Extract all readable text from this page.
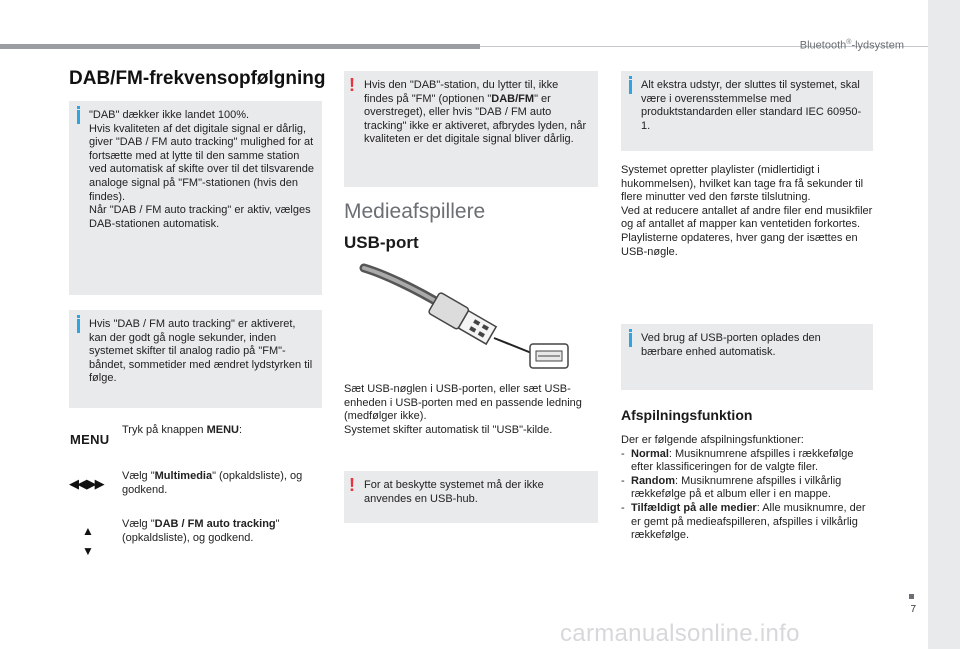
Bluetooth®-lydsystem
7
carmanualsonline.info
DAB/FM-frekvensopfølgning
"DAB" dækker ikke landet 100%.
Hvis kvaliteten af det digitale signal er dårlig, giver "DAB / FM auto tracking" mulighed for at fortsætte med at lytte til den samme station ved automatisk af skifte over til det tilsvarende analoge signal på "FM"-stationen (hvis den findes).
Når "DAB / FM auto tracking" er aktiv, vælges DAB-stationen automatisk.
Hvis "DAB / FM auto tracking" er aktiveret, kan der godt gå nogle sekunder, inden systemet skifter til analog radio på "FM"-båndet, sommetider med ændret lydstyrken til følge.
MENU
Tryk på knappen MENU:
◀◀ ▶▶ Vælg "Multimedia" (opkaldsliste), og godkend.
▲
▼
Vælg "DAB / FM auto tracking" (opkaldsliste), og godkend.
! Hvis den "DAB"-station, du lytter til, ikke findes på "FM" (optionen "DAB/FM" er overstreget), eller hvis "DAB / FM auto tracking" ikke er aktiveret, afbrydes lyden, når kvaliteten er det digitale signal bliver dårlig.
Medieafspillere
USB-port
Sæt USB-nøglen i USB-porten, eller sæt USB-enheden i USB-porten med en passende ledning (medfølger ikke).
Systemet skifter automatisk til "USB"-kilde.
! For at beskytte systemet må der ikke anvendes en USB-hub.
Alt ekstra udstyr, der sluttes til systemet, skal være i overensstemmelse med produktstandarden eller standard IEC 60950-1.
Systemet opretter playlister (midlertidigt i hukommelsen), hvilket kan tage fra få sekunder til flere minutter ved den første tilslutning.
Ved at reducere antallet af andre filer end musikfiler og af antallet af mapper kan ventetiden forkortes. Playlisterne opdateres, hver gang der isættes en USB-nøgle.
Ved brug af USB-porten oplades den bærbare enhed automatisk.
Afspilningsfunktion
Der er følgende afspilningsfunktioner:
- Normal: Musiknumrene afspilles i rækkefølge efter klassificeringen for de valgte filer.
- Random: Musiknumrene afspilles i vilkårlig rækkefølge på et album eller i en mappe.
- Tilfældigt på alle medier: Alle musiknumre, der er gemt på medieafspilleren, afspilles i vilkårlig rækkefølge.
